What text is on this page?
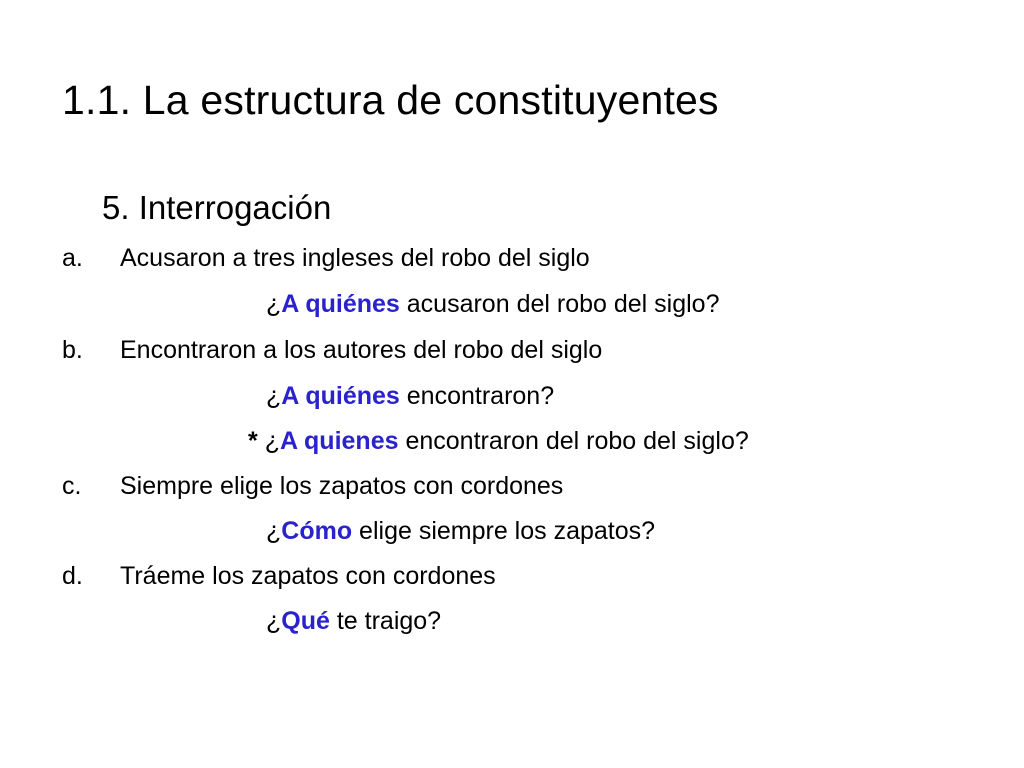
1.1. La estructura de constituyentes
5. Interrogación
a. Acusaron a tres ingleses del robo del siglo
¿A quiénes acusaron del robo del siglo?
b. Encontraron a los autores del robo del siglo
¿A quiénes encontraron?
* ¿A quienes encontraron del robo del siglo?
c. Siempre elige los zapatos con cordones
¿Cómo elige siempre los zapatos?
d. Tráeme los zapatos con cordones
¿Qué te traigo?
